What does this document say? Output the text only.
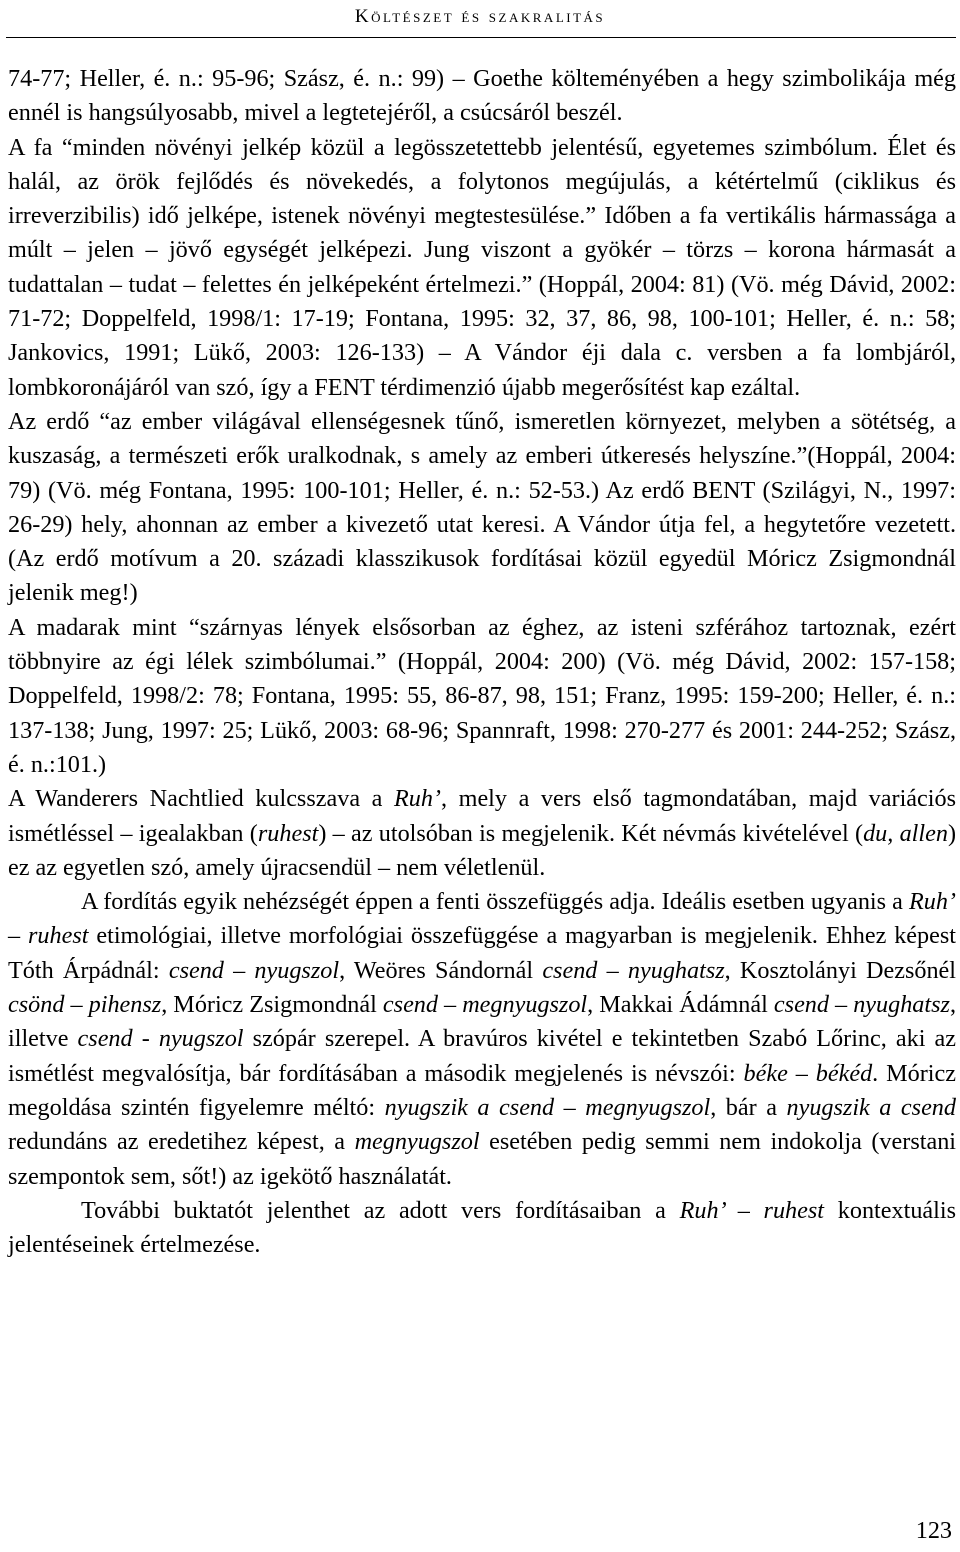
Költészet és szakralitás

74-77; Heller, é. n.: 95-96; Szász, é. n.: 99) – Goethe költeményében a hegy szimbolikája még ennél is hangsúlyosabb, mivel a legtetejéről, a csúcsáról beszél.

A fa “minden növényi jelkép közül a legösszetettebb jelentésű, egyetemes szimbólum. Élet és halál, az örök fejlődés és növekedés, a folytonos megújulás, a kétértelmű (ciklikus és irreverzibilis) idő jelképe, istenek növényi megtestesülése.” Időben a fa vertikális hármassága a múlt – jelen – jövő egységét jelképezi. Jung viszont a gyökér – törzs – korona hármasát a tudattalan – tudat – felettes én jelképeként értelmezi.” (Hoppál, 2004: 81) (Vö. még Dávid, 2002: 71-72; Doppelfeld, 1998/1: 17-19; Fontana, 1995: 32, 37, 86, 98, 100-101; Heller, é. n.: 58; Jankovics, 1991; Lükő, 2003: 126-133) – A Vándor éji dala c. versben a fa lombjáról, lombkoronájáról van szó, így a FENT térdimenzió újabb megerősítést kap ezáltal.

Az erdő “az ember világával ellenségesnek tűnő, ismeretlen környezet, melyben a sötétség, a kuszaság, a természeti erők uralkodnak, s amely az emberi útkeresés helyszíne.”(Hoppál, 2004: 79) (Vö. még Fontana, 1995: 100-101; Heller, é. n.: 52-53.) Az erdő BENT (Szilágyi, N., 1997: 26-29) hely, ahonnan az ember a kivezető utat keresi. A Vándor útja fel, a hegytetőre vezetett. (Az erdő motívum a 20. századi klasszikusok fordításai közül egyedül Móricz Zsigmondnál jelenik meg!)

A madarak mint “szárnyas lények elsősorban az éghez, az isteni szférához tartoznak, ezért többnyire az égi lélek szimbólumai.” (Hoppál, 2004: 200) (Vö. még Dávid, 2002: 157-158; Doppelfeld, 1998/2: 78; Fontana, 1995: 55, 86-87, 98, 151; Franz, 1995: 159-200; Heller, é. n.: 137-138; Jung, 1997: 25; Lükő, 2003: 68-96; Spannraft, 1998: 270-277 és 2001: 244-252; Szász, é. n.:101.)

A Wanderers Nachtlied kulcsszava a Ruh’, mely a vers első tagmondatában, majd variációs ismétléssel – igealakban (ruhest) – az utolsóban is megjelenik. Két névmás kivételével (du, allen) ez az egyetlen szó, amely újracsendül – nem véletlenül.

A fordítás egyik nehézségét éppen a fenti összefüggés adja. Ideális esetben ugyanis a Ruh’ – ruhest etimológiai, illetve morfológiai összefüggése a magyarban is megjelenik. Ehhez képest Tóth Árpádnál: csend – nyugszol, Weöres Sándornál csend – nyughatsz, Kosztolányi Dezsőnél csönd – pihensz, Móricz Zsigmondnál csend – megnyugszol, Makkai Ádámnál csend – nyughatsz, illetve csend - nyugszol szópár szerepel. A bravúros kivétel e tekintetben Szabó Lőrinc, aki az ismétlést megvalósítja, bár fordításában a második megjelenés is névszói: béke – békéd. Móricz megoldása szintén figyelemre méltó: nyugszik a csend – megnyugszol, bár a nyugszik a csend redundáns az eredetihez képest, a megnyugszol esetében pedig semmi nem indokolja (verstani szempontok sem, sőt!) az igekötő használatát.

További buktatót jelenthet az adott vers fordításaiban a Ruh’ – ruhest kontextuális jelentéseinek értelmezése.

123
